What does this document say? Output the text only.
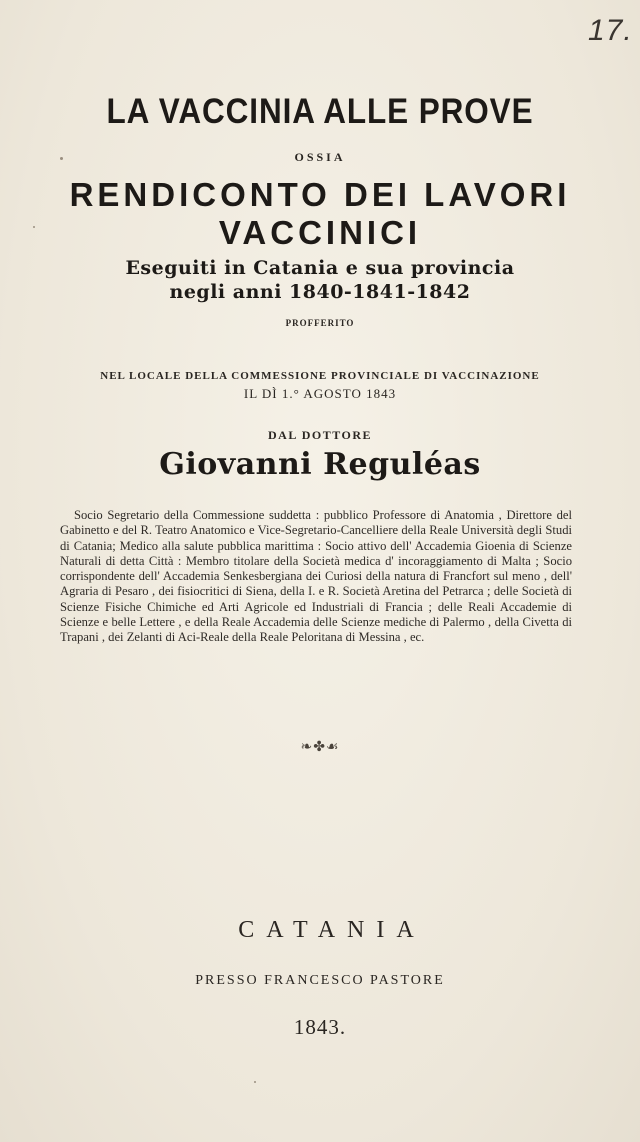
17.
LA VACCINIA ALLE PROVE
OSSIA
RENDICONTO DEI LAVORI VACCINICI
Eseguiti in Catania e sua provincia
negli anni 1840-1841-1842
PROFFERITO
NEL LOCALE DELLA COMMESSIONE PROVINCIALE DI VACCINAZIONE
IL DÌ 1.° AGOSTO 1843
DAL DOTTORE
Giovanni Reguléas
Socio Segretario della Commessione suddetta : pubblico Professore di Anatomia , Direttore del Gabinetto e del R. Teatro Anatomico e Vice-Segretario-Cancelliere della Reale Università degli Studi di Catania; Medico alla salute pubblica marittima : Socio attivo dell' Accademia Gioenia di Scienze Naturali di detta Città : Membro titolare della Società medica d' incoraggiamento di Malta ; Socio corrispondente dell' Accademia Senkesbergiana dei Curiosi della natura di Francfort sul meno , dell' Agraria di Pesaro , dei fisiocritici di Siena, della I. e R. Società Aretina del Petrarca ; delle Società di Scienze Fisiche Chimiche ed Arti Agricole ed Industriali di Francia ; delle Reali Accademie di Scienze e belle Lettere , e della Reale Accademia delle Scienze mediche di Palermo , della Civetta di Trapani , dei Zelanti di Aci-Reale della Reale Peloritana di Messina , ec.
❧✤☙
CATANIA
PRESSO FRANCESCO PASTORE
1843.
